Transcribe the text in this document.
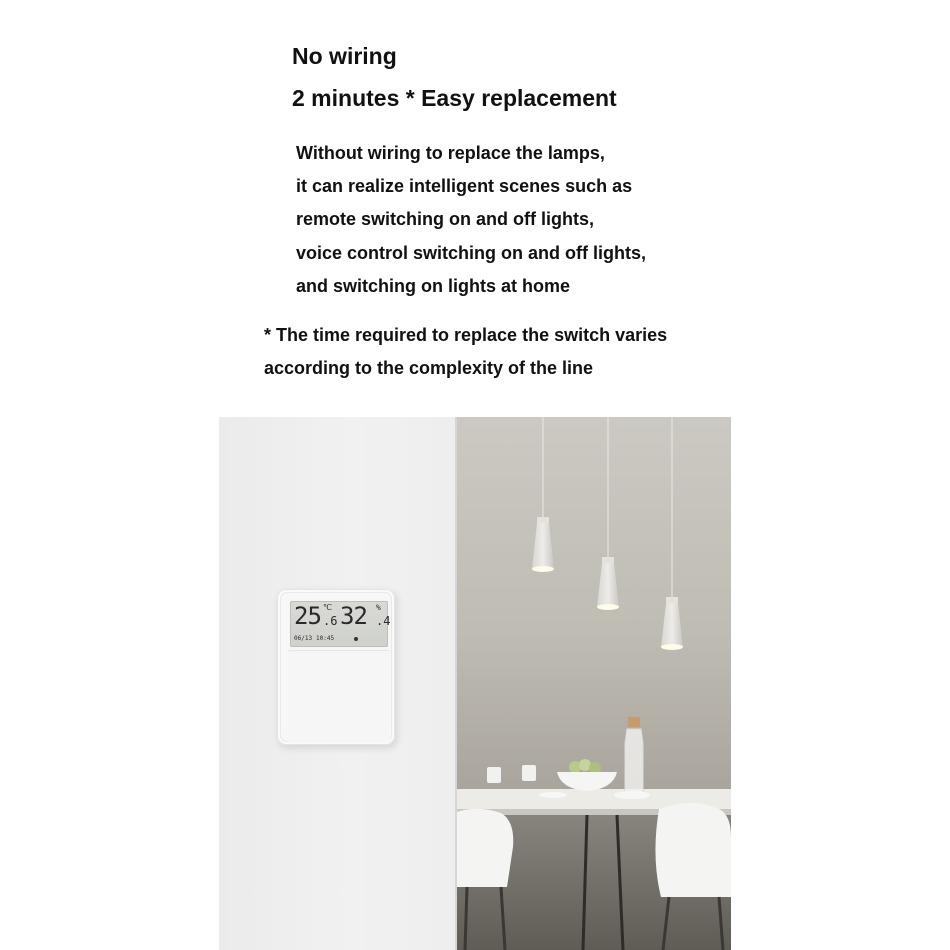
No wiring
2 minutes * Easy replacement

Without wiring to replace the lamps,
it can realize intelligent scenes such as
remote switching on and off lights,
voice control switching on and off lights,
and switching on lights at home

* The time required to replace the switch varies
according to the complexity of the line

25 ℃
.6 32 %
.4
06/13 10:45
